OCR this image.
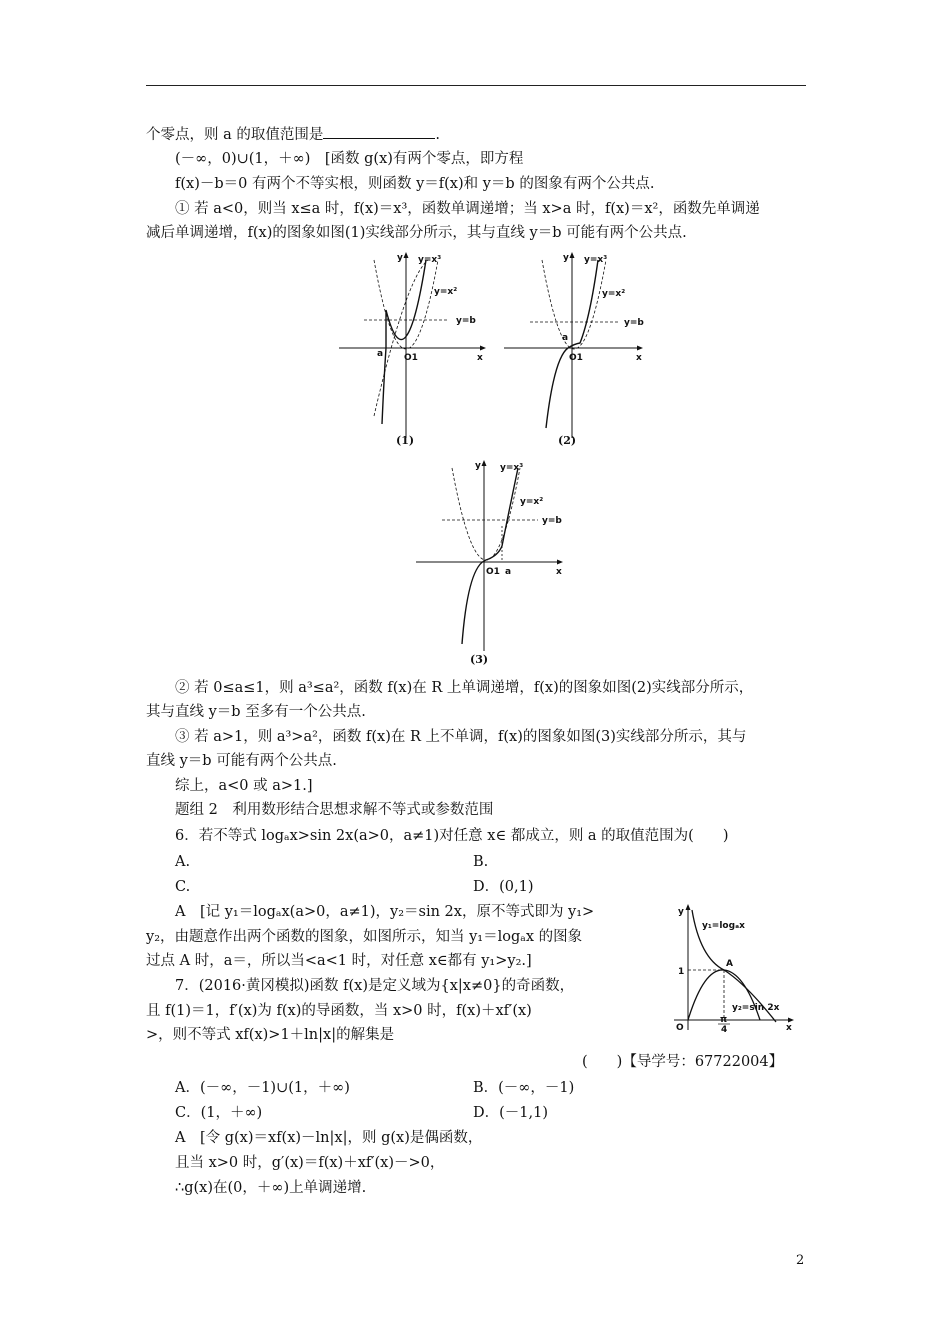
个零点，则 a 的取值范围是	.
(－∞，0)∪(1，＋∞)　[函数 g(x)有两个零点，即方程
f(x)－b＝0 有两个不等实根，则函数 y＝f(x)和 y＝b 的图象有两个公共点.
① 若 a<0，则当 x≤a 时，f(x)＝x³，函数单调递增；当 x>a 时，f(x)＝x²，函数先单调递
减后单调递增，f(x)的图象如图(1)实线部分所示，其与直线 y＝b 可能有两个公共点.
y
x
O1
a
y=x³
y=x²
y=b
(1)
y
x
O1
a
y=x³
y=x²
y=b
(2)
y
x
O1 a
y=x³
y=x²
y=b
(3)
② 若 0≤a≤1，则 a³≤a²，函数 f(x)在 R 上单调递增，f(x)的图象如图(2)实线部分所示，
其与直线 y＝b 至多有一个公共点.
③ 若 a>1，则 a³>a²，函数 f(x)在 R 上不单调，f(x)的图象如图(3)实线部分所示，其与
直线 y＝b 可能有两个公共点.
综上，a<0 或 a>1.]
题组 2　利用数形结合思想求解不等式或参数范围
6．若不等式 logₐx>sin 2x(a>0，a≠1)对任意 x∈ 都成立，则 a 的取值范围为(　　)
A.	B.
C.	D．(0,1)
A　[记 y₁＝logₐx(a>0，a≠1)，y₂＝sin 2x，原不等式即为 y₁>
y₂，由题意作出两个函数的图象，如图所示，知当 y₁＝logₐx 的图象
过点 A 时，a＝，所以当<a<1 时，对任意 x∈都有 y₁>y₂.]
y
x
O
1
A
y₁=logₐx
y₂=sin 2x
π
4
7．(2016·黄冈模拟)函数 f(x)是定义域为{x|x≠0}的奇函数，
且 f(1)＝1，f′(x)为 f(x)的导函数，当 x>0 时，f(x)＋xf′(x)
>，则不等式 xf(x)>1＋ln|x|的解集是
(　　)【导学号：67722004】
A．(－∞，－1)∪(1，＋∞)	B．(－∞，－1)
C．(1，＋∞)	D．(－1,1)
A　[令 g(x)＝xf(x)－ln|x|，则 g(x)是偶函数，
且当 x>0 时，g′(x)＝f(x)＋xf′(x)－>0，
∴g(x)在(0，＋∞)上单调递增.
2
